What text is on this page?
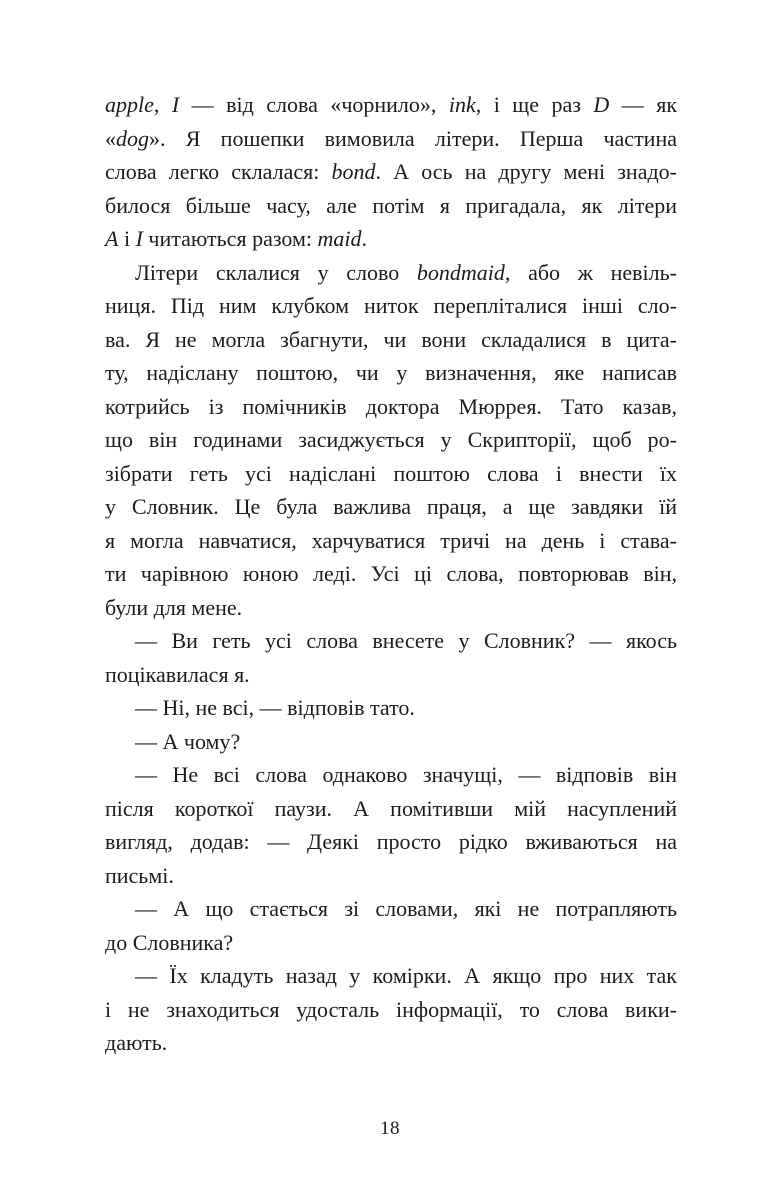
apple, I — від слова «чорнило», ink, і ще раз D — як
«dog». Я пошепки вимовила літери. Перша частина
слова легко склалася: bond. А ось на другу мені знадо-
билося більше часу, але потім я пригадала, як літери
A і I читаються разом: maid.
Літери склалися у слово bondmaid, або ж невіль-
ниця. Під ним клубком ниток перепліталися інші сло-
ва. Я не могла збагнути, чи вони складалися в цита-
ту, надіслану поштою, чи у визначення, яке написав
котрийсь із помічників доктора Мюррея. Тато казав,
що він годинами засиджується у Скрипторії, щоб ро-
зібрати геть усі надіслані поштою слова і внести їх
у Словник. Це була важлива праця, а ще завдяки їй
я могла навчатися, харчуватися тричі на день і става-
ти чарівною юною леді. Усі ці слова, повторював він,
були для мене.
— Ви геть усі слова внесете у Словник? — якось
поцікавилася я.
— Ні, не всі, — відповів тато.
— А чому?
— Не всі слова однаково значущі, — відповів він
після короткої паузи. А помітивши мій насуплений
вигляд, додав: — Деякі просто рідко вживаються на
письмі.
— А що стається зі словами, які не потрапляють
до Словника?
— Їх кладуть назад у комірки. А якщо про них так
і не знаходиться удосталь інформації, то слова вики-
дають.
18
